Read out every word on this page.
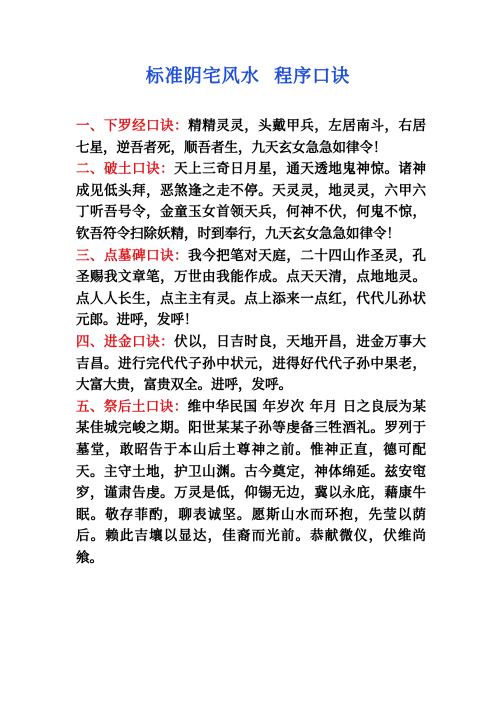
标准阴宅风水  程序口诀

一、下罗经口诀：精精灵灵，头戴甲兵，左居南斗，右居七星，逆吾者死，顺吾者生，九天玄女急急如律令！

二、破土口诀：天上三奇日月星，通天透地鬼神惊。诸神成见低头拜，恶煞逢之走不停。天灵灵，地灵灵，六甲六丁听吾号令，金童玉女首领天兵，何神不伏，何鬼不惊，钦吾符令扫除妖精，时到奉行，九天玄女急急如律令！

三、点墓碑口诀：我今把笔对天庭，二十四山作圣灵，孔圣赐我文章笔，万世由我能作成。点天天清，点地地灵。点人人长生，点主主有灵。点上添来一点红，代代儿孙状元郎。进呼，发呼！

四、进金口诀：伏以，日吉时良，天地开昌，进金万事大吉昌。进行完代代子孙中状元，进得好代代子孙中果老，大富大贵，富贵双全。进呼，发呼。

五、祭后土口诀：维中华民国 年岁次 年月 日之良辰为某某佳城完峻之期。阳世某某子孙等虔备三牲酒礼。罗列于墓堂，敢昭告于本山后土尊神之前。惟神正直，德可配天。主守土地，护卫山渊。古今奠定，神体绵延。兹安窀穸，谨肃告虔。万灵是低，仰锡无边，冀以永庇，藉康牛眠。敬存菲酌，聊表诚坚。愿斯山水而环抱，先莹以荫后。赖此吉壤以显达，佳裔而光前。恭献微仪，伏维尚飨。
